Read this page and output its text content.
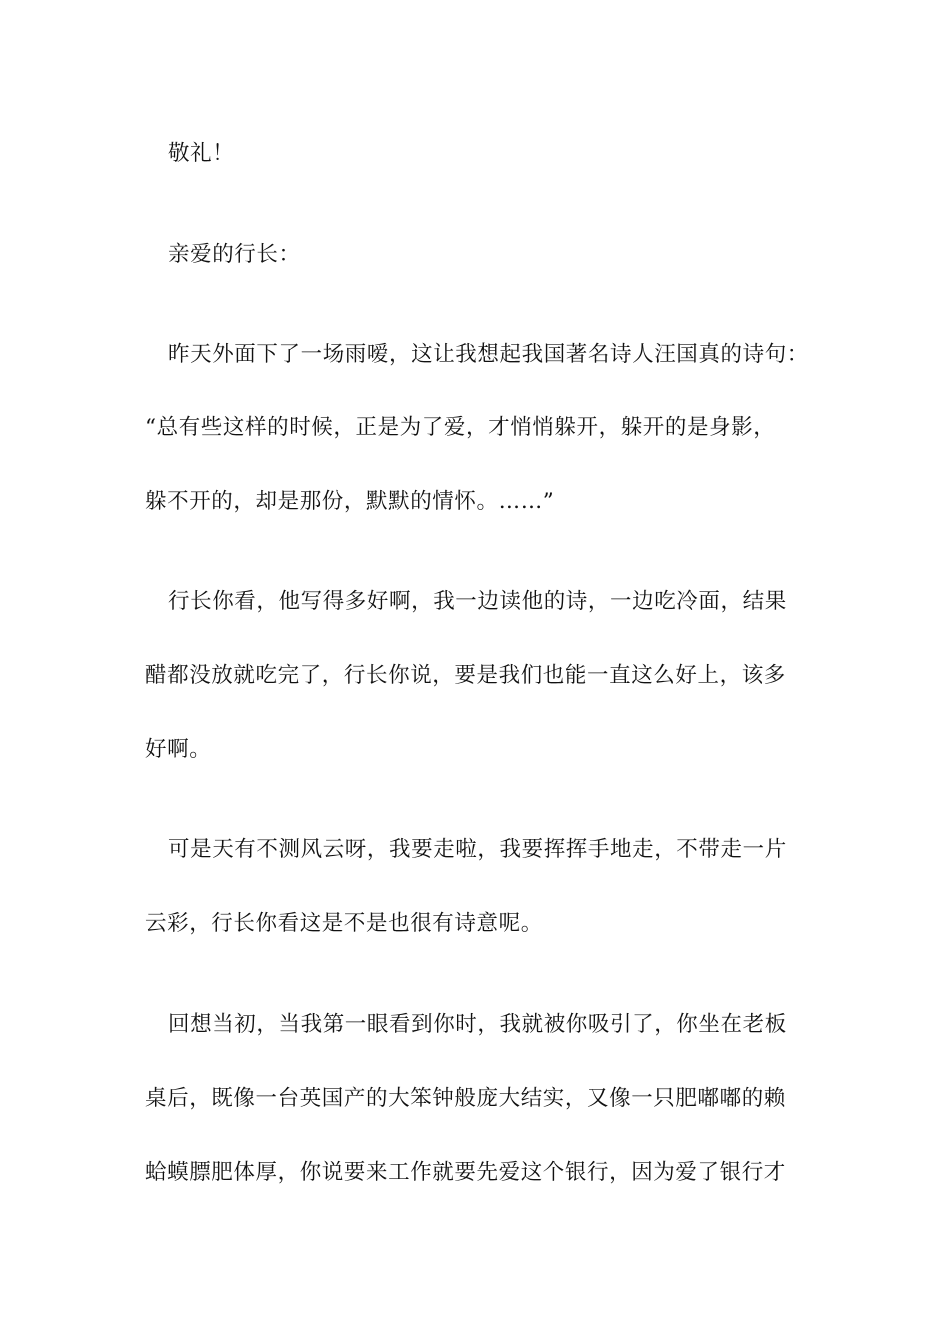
敬礼！
亲爱的行长：
昨天外面下了一场雨嗳，这让我想起我国著名诗人汪国真的诗句：
“总有些这样的时候，正是为了爱，才悄悄躲开，躲开的是身影，
躲不开的，却是那份，默默的情怀。……”
行长你看，他写得多好啊，我一边读他的诗，一边吃冷面，结果
醋都没放就吃完了，行长你说，要是我们也能一直这么好上，该多
好啊。
可是天有不测风云呀，我要走啦，我要挥挥手地走，不带走一片
云彩，行长你看这是不是也很有诗意呢。
回想当初，当我第一眼看到你时，我就被你吸引了，你坐在老板
桌后，既像一台英国产的大笨钟般庞大结实，又像一只肥嘟嘟的赖
蛤蟆膘肥体厚，你说要来工作就要先爱这个银行，因为爱了银行才
